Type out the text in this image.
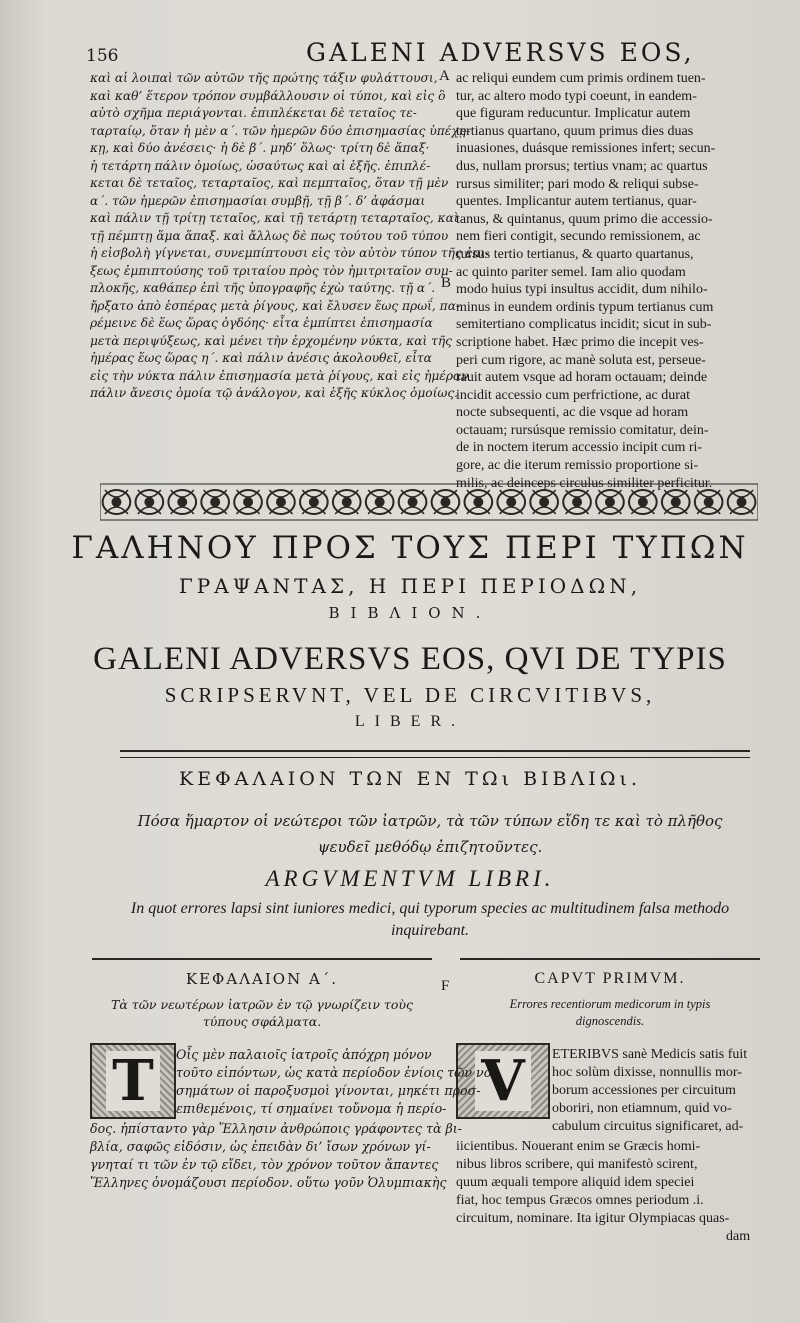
156	GALENI ADVERSVS EOS,
A
B
F
καὶ αἱ λοιπαὶ τῶν αὐτῶν τῆς πρώτης τάξιν φυλάττουσι,
καὶ καθ’ ἕτερον τρόπον συμβάλλουσιν οἱ τύποι, καὶ εἰς ὃ
αὐτὸ σχῆμα περιάγονται. ἐπιπλέκεται δὲ τεταῖος τε-
ταρταίῳ, ὅταν ἡ μὲν α΄. τῶν ἡμερῶν δύο ἐπισημασίας ὑπέχῃ-
κῃ, καὶ δύο ἀνέσεις· ἡ δὲ β΄. μηδ’ ὅλως· τρίτη δὲ ἅπαξ·
ἡ τετάρτη πάλιν ὁμοίως, ὡσαύτως καὶ αἱ ἑξῆς. ἐπιπλέ-
κεται δὲ τεταῖος, τεταρταῖος, καὶ πεμπταῖος, ὅταν τῇ μὲν
α΄. τῶν ἡμερῶν ἐπισημασίαι συμβῇ, τῇ β΄. δ’ ἀφάσμαι
καὶ πάλιν τῇ τρίτῃ τεταῖος, καὶ τῇ τετάρτῃ τεταρταῖος, καὶ
τῇ πέμπτῃ ἅμα ἅπαξ. καὶ ἄλλως δὲ πως τούτου τοῦ τύπου
ἡ εἰσβολὴ γίγνεται, συνεμπίπτουσι εἰς τὸν αὐτὸν τύπον τῆς ἐπι-
ξεως ἐμπιπτούσης τοῦ τριταίου πρὸς τὸν ἡμιτριταῖον συμ-
πλοκῆς, καθάπερ ἐπὶ τῆς ὑπογραφῆς ἐχὼ ταύτης. τῇ α΄.
ἤρξατο ἀπὸ ἑσπέρας μετὰ ῥίγους, καὶ ἔλυσεν ἕως πρωΐ, πα-
ρέμεινε δὲ ἕως ὥρας ὀγδόης· εἶτα ἐμπίπτει ἐπισημασία
μετὰ περιψύξεως, καὶ μένει τὴν ἐρχομένην νύκτα, καὶ τῆς
ἡμέρας ἕως ὥρας η΄. καὶ πάλιν ἀνέσις ἀκολουθεῖ, εἶτα
εἰς τὴν νύκτα πάλιν ἐπισημασία μετὰ ῥίγους, καὶ εἰς ἡμέραν
πάλιν ἄνεσις ὁμοία τῷ ἀνάλογον, καὶ ἑξῆς κύκλος ὁμοίως.
ac reliqui eundem cum primis ordinem tuen-
tur, ac altero modo typi coeunt, in eandem-
que figuram reducuntur. Implicatur autem
tertianus quartano, quum primus dies duas
inuasiones, duásque remissiones infert; secun-
dus, nullam prorsus; tertius vnam; ac quartus
rursus similiter; pari modo & reliqui subse-
quentes. Implicantur autem tertianus, quar-
tanus, & quintanus, quum primo die accessio-
nem fieri contigit, secundo remissionem, ac
rursus tertio tertianus, & quarto quartanus,
ac quinto pariter semel. Iam alio quodam
modo huius typi insultus accidit, dum nihilo-
minus in eundem ordinis typum tertianus cum
semitertiano complicatus incidit; sicut in sub-
scriptione habet. Hæc primo die incepit ves-
peri cum rigore, ac manè soluta est, perseue-
rauit autem vsque ad horam octauam; deinde
incidit accessio cum perfrictione, ac durat
nocte subsequenti, ac die vsque ad horam
octauam; rursúsque remissio comitatur, dein-
de in noctem iterum accessio incipit cum ri-
gore, ac die iterum remissio proportione si-
milis, ac deinceps circulus similiter perficitur.
ΓΑΛΗΝΟΥ ΠΡΟΣ ΤΟΥΣ ΠΕΡΙ ΤΥΠΩΝ
ΓΡΑΨΑΝΤΑΣ, Η ΠΕΡΙ ΠΕΡΙΟΔΩΝ,
ΒΙΒΛΙΟΝ.
GALENI ADVERSVS EOS, QVI DE TYPIS
SCRIPSERVNT, VEL DE CIRCVITIBVS,
LIBER.
ΚΕΦΑΛΑΙΟΝ ΤΩΝ ΕΝ ΤΩι ΒΙΒΛΙΩι.
Πόσα ἥμαρτον οἱ νεώτεροι τῶν ἰατρῶν, τὰ τῶν τύπων εἴδη τε καὶ τὸ πλῆθος ψευδεῖ μεθόδῳ ἐπιζητοῦντες.
ARGVMENTVM LIBRI.
In quot errores lapsi sint iuniores medici, qui typorum species ac multitudinem falsa methodo inquirebant.
ΚΕΦΑΛΑΙΟΝ Α΄.
Τὰ τῶν νεωτέρων ἰατρῶν ἐν τῷ γνωρίζειν τοὺς τύπους σφάλματα.
CAPVT PRIMVM.
Errores recentiorum medicorum in typis
dignoscendis.
Τ	V
Οἷς μὲν παλαιοῖς ἰατροῖς ἀπόχρη μόνον
τοῦτο εἰπόντων, ὡς κατὰ περίοδον ἐνίοις τῶν νο-
σημάτων οἱ παροξυσμοὶ γίνονται, μηκέτι προσ-
επιθεμένοις, τί σημαίνει τοὔνομα ἡ περίο-
δος. ἠπίσταντο γὰρ Ἕλλησιν ἀνθρώποις γράφοντες τὰ βι-
βλία, σαφῶς εἰδόσιν, ὡς ἐπειδὰν δι’ ἴσων χρόνων γί-
γνηταί τι τῶν ἐν τῷ εἴδει, τὸν χρόνον τοῦτον ἅπαντες
Ἕλληνες ὀνομάζουσι περίοδον. οὕτω γοῦν Ὀλυμπιακὴς
ETERIBVS sanè Medicis satis fuit
hoc solùm dixisse, nonnullis mor-
borum accessiones per circuitum
oboriri, non etiamnum, quid vo-
cabulum circuitus significaret, ad-
iicientibus. Nouerant enim se Græcis homi-
nibus libros scribere, qui manifestò scirent,
quum æquali tempore aliquid idem speciei
fiat, hoc tempus Græcos omnes periodum .i.
circuitum, nominare. Ita igitur Olympiacas quas-
dam
